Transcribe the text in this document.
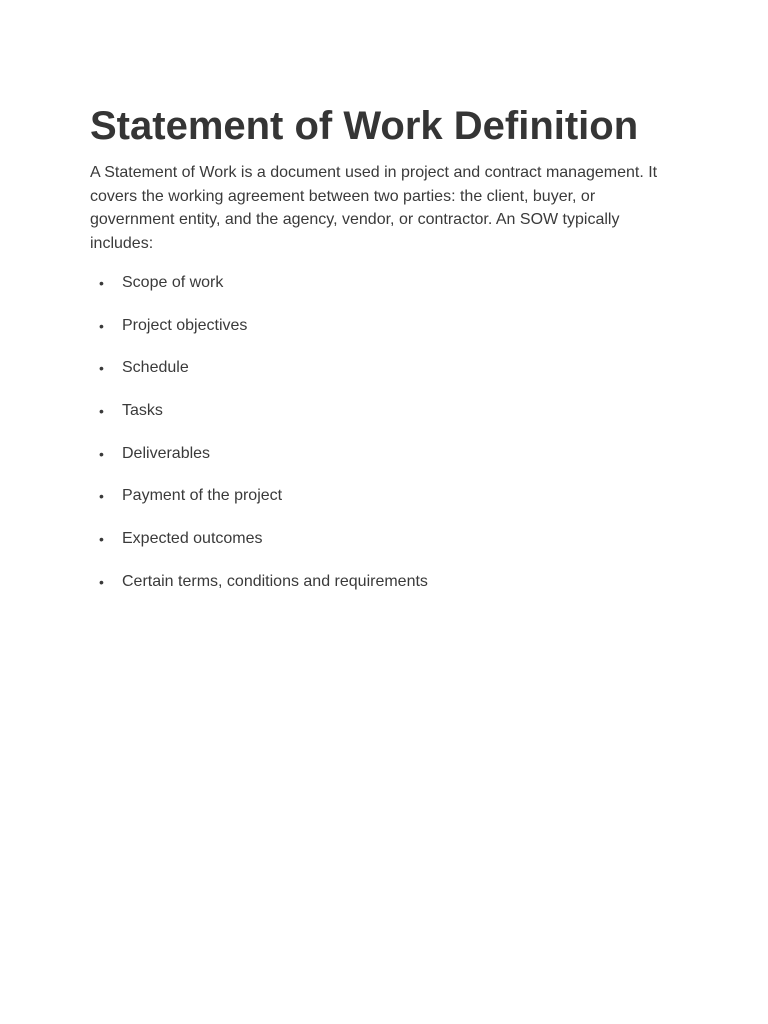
Statement of Work Definition

A Statement of Work is a document used in project and contract management. It covers the working agreement between two parties: the client, buyer, or government entity, and the agency, vendor, or contractor. An SOW typically includes:

• Scope of work
• Project objectives
• Schedule
• Tasks
• Deliverables
• Payment of the project
• Expected outcomes
• Certain terms, conditions and requirements
